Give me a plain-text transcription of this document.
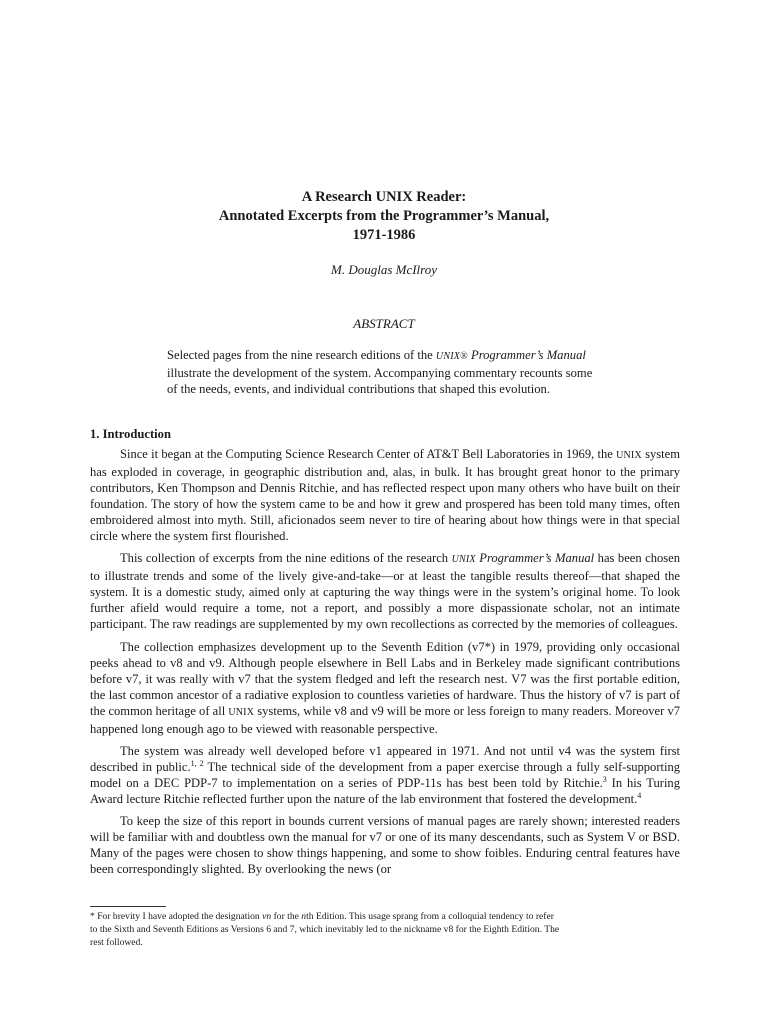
A Research UNIX Reader:
Annotated Excerpts from the Programmer’s Manual,
1971-1986
M. Douglas McIlroy
ABSTRACT

Selected pages from the nine research editions of the UNIX® Programmer’s Manual illustrate the development of the system. Accompanying commentary recounts some of the needs, events, and individual contributions that shaped this evolution.

1. Introduction

Since it began at the Computing Science Research Center of AT&T Bell Laboratories in 1969, the UNIX system has exploded in coverage, in geographic distribution and, alas, in bulk. It has brought great honor to the primary contributors, Ken Thompson and Dennis Ritchie, and has reflected respect upon many others who have built on their foundation. The story of how the system came to be and how it grew and prospered has been told many times, often embroidered almost into myth. Still, aficionados seem never to tire of hearing about how things were in that special circle where the system first flourished.

This collection of excerpts from the nine editions of the research UNIX Programmer’s Manual has been chosen to illustrate trends and some of the lively give-and-take—or at least the tangible results thereof—that shaped the system. It is a domestic study, aimed only at capturing the way things were in the system’s original home. To look further afield would require a tome, not a report, and possibly a more dispassionate scholar, not an intimate participant. The raw readings are supplemented by my own recollections as corrected by the memories of colleagues.

The collection emphasizes development up to the Seventh Edition (v7*) in 1979, providing only occasional peeks ahead to v8 and v9. Although people elsewhere in Bell Labs and in Berkeley made significant contributions before v7, it was really with v7 that the system fledged and left the research nest. V7 was the first portable edition, the last common ancestor of a radiative explosion to countless varieties of hardware. Thus the history of v7 is part of the common heritage of all UNIX systems, while v8 and v9 will be more or less foreign to many readers. Moreover v7 happened long enough ago to be viewed with reasonable perspective.

The system was already well developed before v1 appeared in 1971. And not until v4 was the system first described in public.$^{1, 2}$ The technical side of the development from a paper exercise through a fully self-supporting model on a DEC PDP-7 to implementation on a series of PDP-11s has best been told by Ritchie.$^3$ In his Turing Award lecture Ritchie reflected further upon the nature of the lab environment that fostered the development.$^4$

To keep the size of this report in bounds current versions of manual pages are rarely shown; interested readers will be familiar with and doubtless own the manual for v7 or one of its many descendants, such as System V or BSD. Many of the pages were chosen to show things happening, and some to show foibles. Enduring central features have been correspondingly slighted. By overlooking the news (or

* For brevity I have adopted the designation vn for the nth Edition. This usage sprang from a colloquial tendency to refer to the Sixth and Seventh Editions as Versions 6 and 7, which inevitably led to the nickname v8 for the Eighth Edition. The rest followed.
